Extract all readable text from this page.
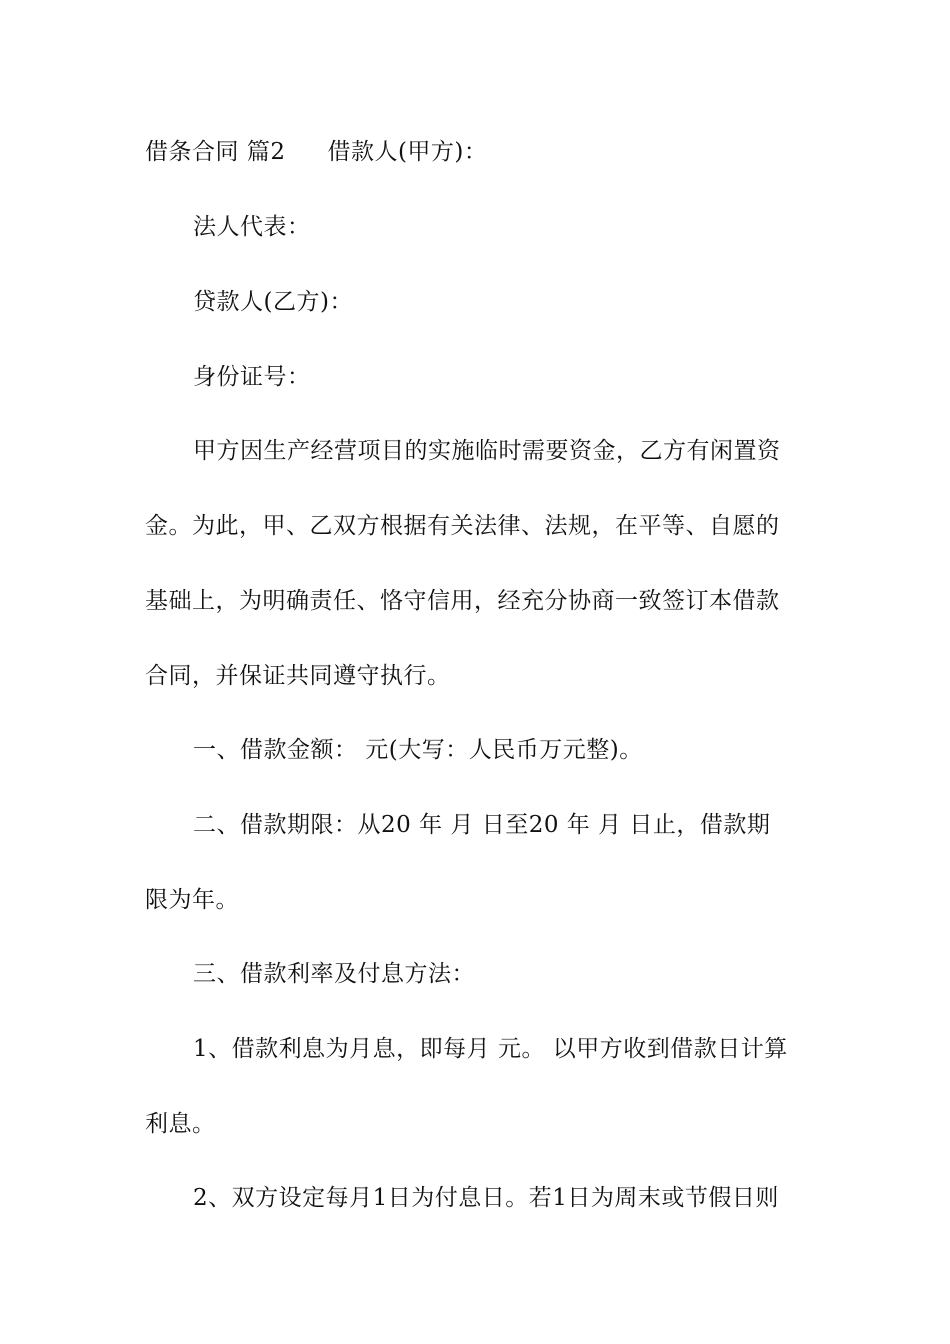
借条合同 篇2 借款人(甲方)：
法人代表：
贷款人(乙方)：
身份证号：
甲方因生产经营项目的实施临时需要资金，乙方有闲置资
金。为此，甲、乙双方根据有关法律、法规，在平等、自愿的
基础上，为明确责任、恪守信用，经充分协商一致签订本借款
合同，并保证共同遵守执行。
一、借款金额： 元(大写：人民币万元整)。
二、借款期限：从20 年 月 日至20 年 月 日止，借款期
限为年。
三、借款利率及付息方法：
1、借款利息为月息，即每月 元。 以甲方收到借款日计算
利息。
2、双方设定每月1日为付息日。若1日为周末或节假日则
